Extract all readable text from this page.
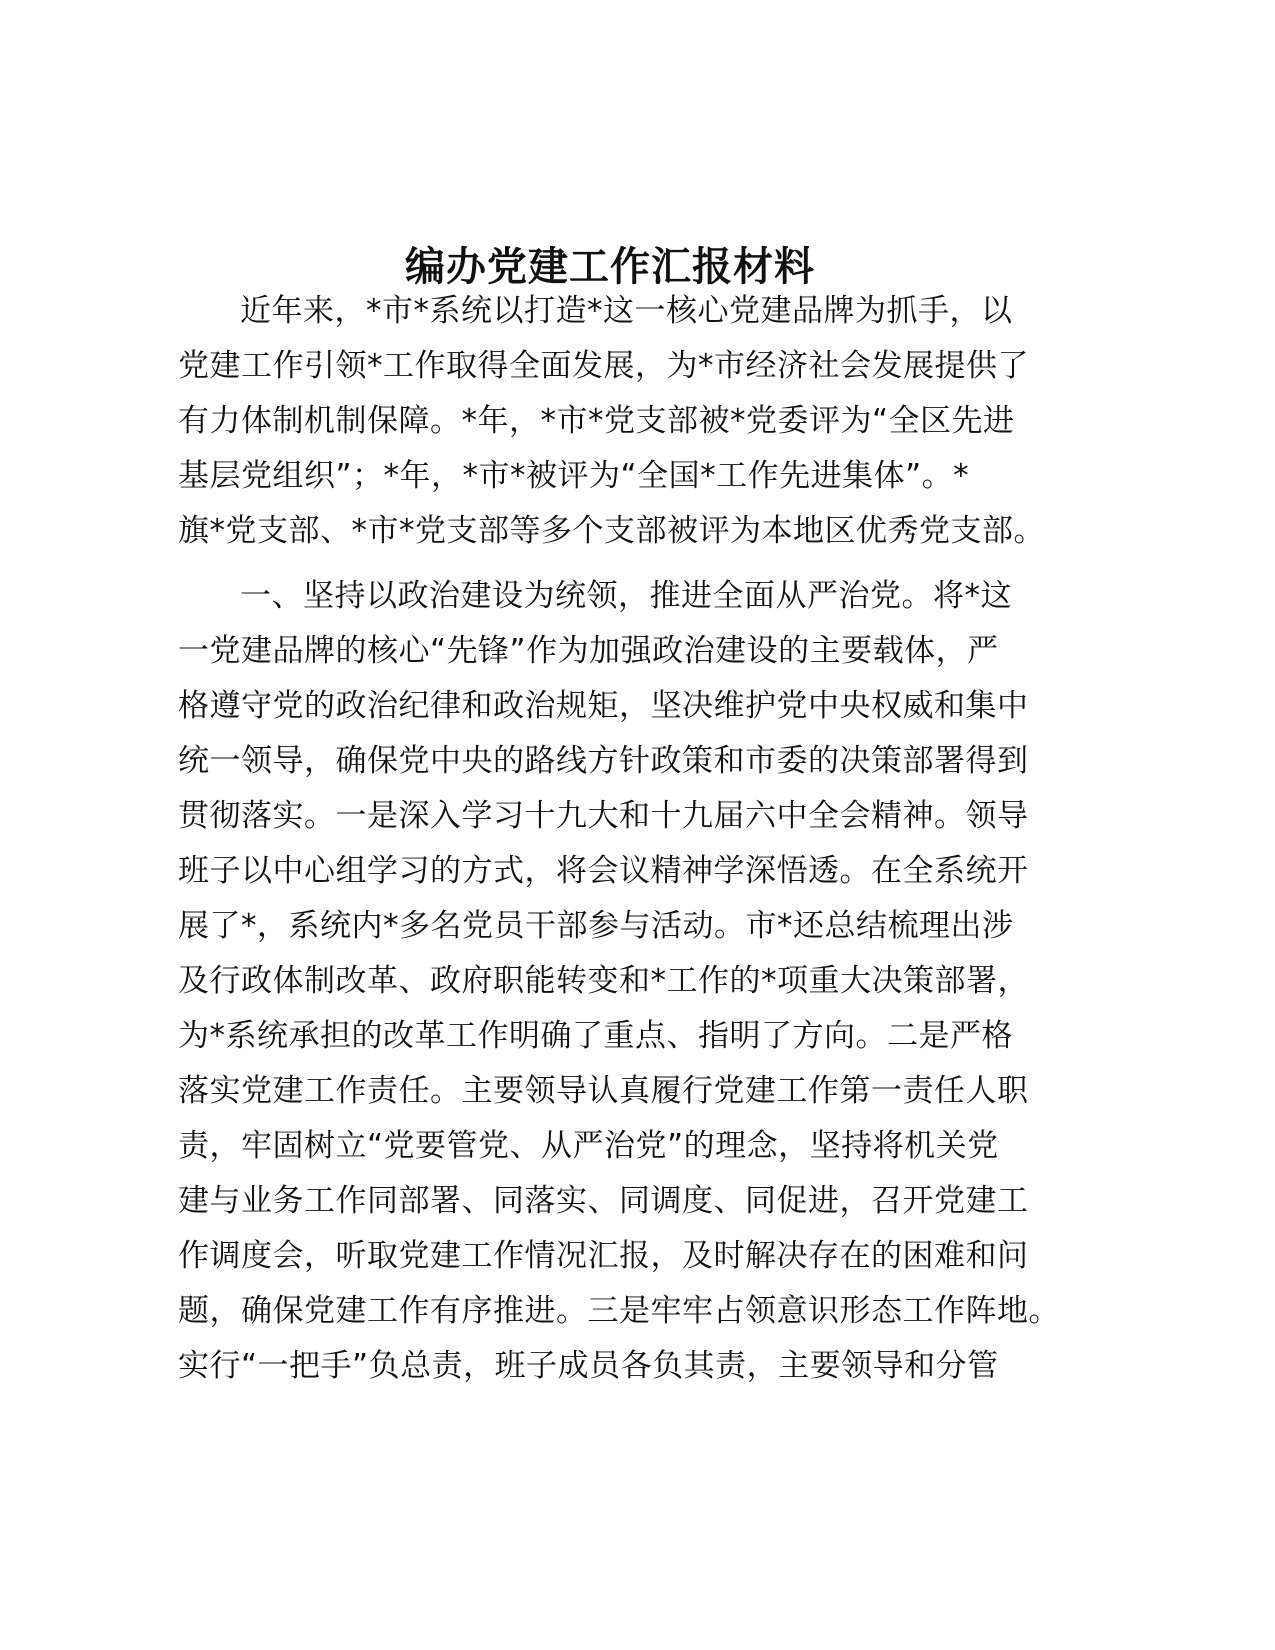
编办党建工作汇报材料

近年来，*市*系统以打造*这一核心党建品牌为抓手，以
党建工作引领*工作取得全面发展，为*市经济社会发展提供了
有力体制机制保障。*年，*市*党支部被*党委评为“全区先进
基层党组织”；*年，*市*被评为“全国*工作先进集体”。*
旗*党支部、*市*党支部等多个支部被评为本地区优秀党支部。

一、坚持以政治建设为统领，推进全面从严治党。将*这
一党建品牌的核心“先锋”作为加强政治建设的主要载体，严
格遵守党的政治纪律和政治规矩，坚决维护党中央权威和集中
统一领导，确保党中央的路线方针政策和市委的决策部署得到
贯彻落实。一是深入学习十九大和十九届六中全会精神。领导
班子以中心组学习的方式，将会议精神学深悟透。在全系统开
展了*，系统内*多名党员干部参与活动。市*还总结梳理出涉
及行政体制改革、政府职能转变和*工作的*项重大决策部署，
为*系统承担的改革工作明确了重点、指明了方向。二是严格
落实党建工作责任。主要领导认真履行党建工作第一责任人职
责，牢固树立“党要管党、从严治党”的理念，坚持将机关党
建与业务工作同部署、同落实、同调度、同促进，召开党建工
作调度会，听取党建工作情况汇报，及时解决存在的困难和问
题，确保党建工作有序推进。三是牢牢占领意识形态工作阵地。
实行“一把手”负总责，班子成员各负其责，主要领导和分管
